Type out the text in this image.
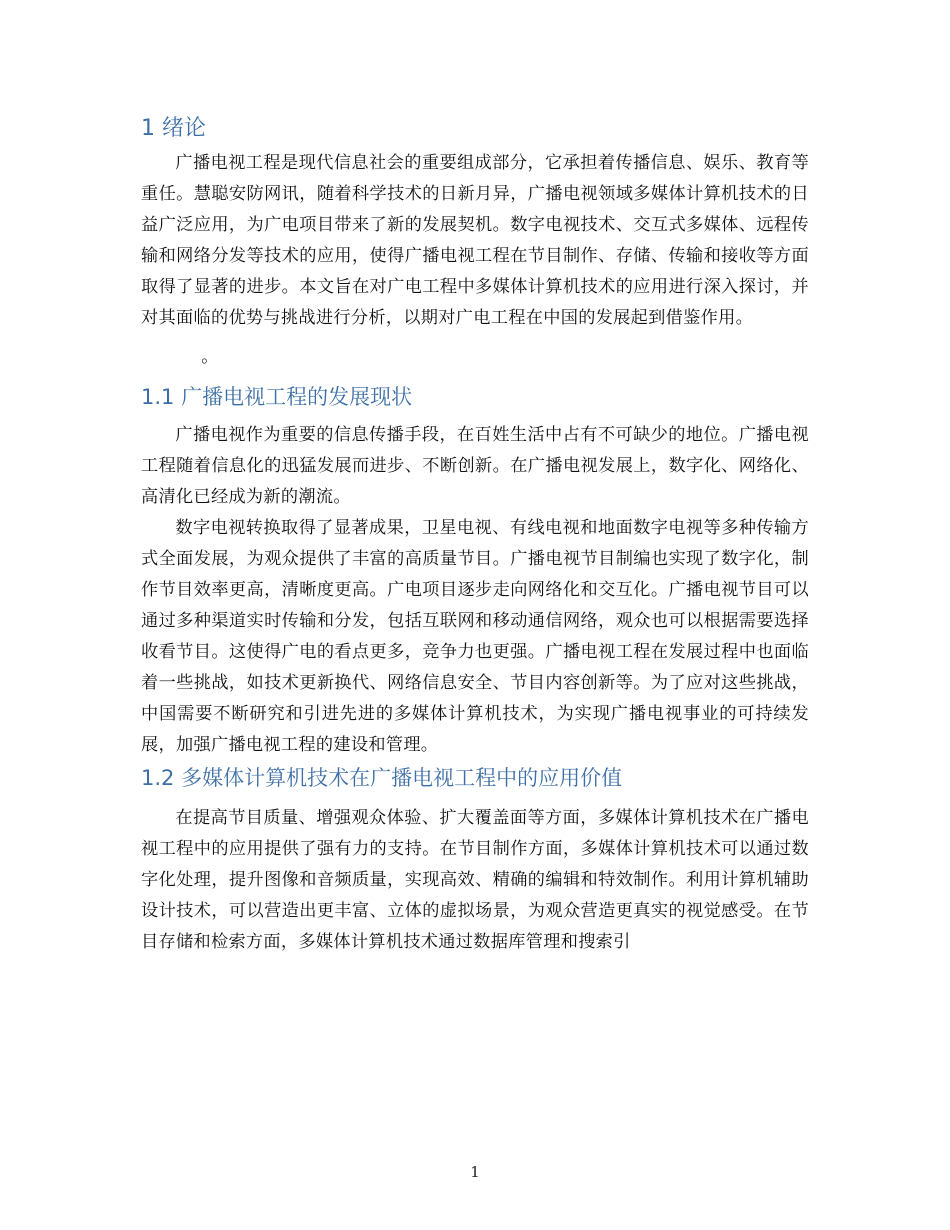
1 绪论

广播电视工程是现代信息社会的重要组成部分，它承担着传播信息、娱乐、教育等重任。慧聪安防网讯，随着科学技术的日新月异，广播电视领域多媒体计算机技术的日益广泛应用，为广电项目带来了新的发展契机。数字电视技术、交互式多媒体、远程传输和网络分发等技术的应用，使得广播电视工程在节目制作、存储、传输和接收等方面取得了显著的进步。本文旨在对广电工程中多媒体计算机技术的应用进行深入探讨，并对其面临的优势与挑战进行分析，以期对广电工程在中国的发展起到借鉴作用。

。

1.1 广播电视工程的发展现状

广播电视作为重要的信息传播手段，在百姓生活中占有不可缺少的地位。广播电视工程随着信息化的迅猛发展而进步、不断创新。在广播电视发展上，数字化、网络化、高清化已经成为新的潮流。

数字电视转换取得了显著成果，卫星电视、有线电视和地面数字电视等多种传输方式全面发展，为观众提供了丰富的高质量节目。广播电视节目制编也实现了数字化，制作节目效率更高，清晰度更高。广电项目逐步走向网络化和交互化。广播电视节目可以通过多种渠道实时传输和分发，包括互联网和移动通信网络，观众也可以根据需要选择收看节目。这使得广电的看点更多，竞争力也更强。广播电视工程在发展过程中也面临着一些挑战，如技术更新换代、网络信息安全、节目内容创新等。为了应对这些挑战，中国需要不断研究和引进先进的多媒体计算机技术，为实现广播电视事业的可持续发展，加强广播电视工程的建设和管理。

1.2 多媒体计算机技术在广播电视工程中的应用价值

在提高节目质量、增强观众体验、扩大覆盖面等方面，多媒体计算机技术在广播电视工程中的应用提供了强有力的支持。在节目制作方面，多媒体计算机技术可以通过数字化处理，提升图像和音频质量，实现高效、精确的编辑和特效制作。利用计算机辅助设计技术，可以营造出更丰富、立体的虚拟场景，为观众营造更真实的视觉感受。在节目存储和检索方面，多媒体计算机技术通过数据库管理和搜索引

1
